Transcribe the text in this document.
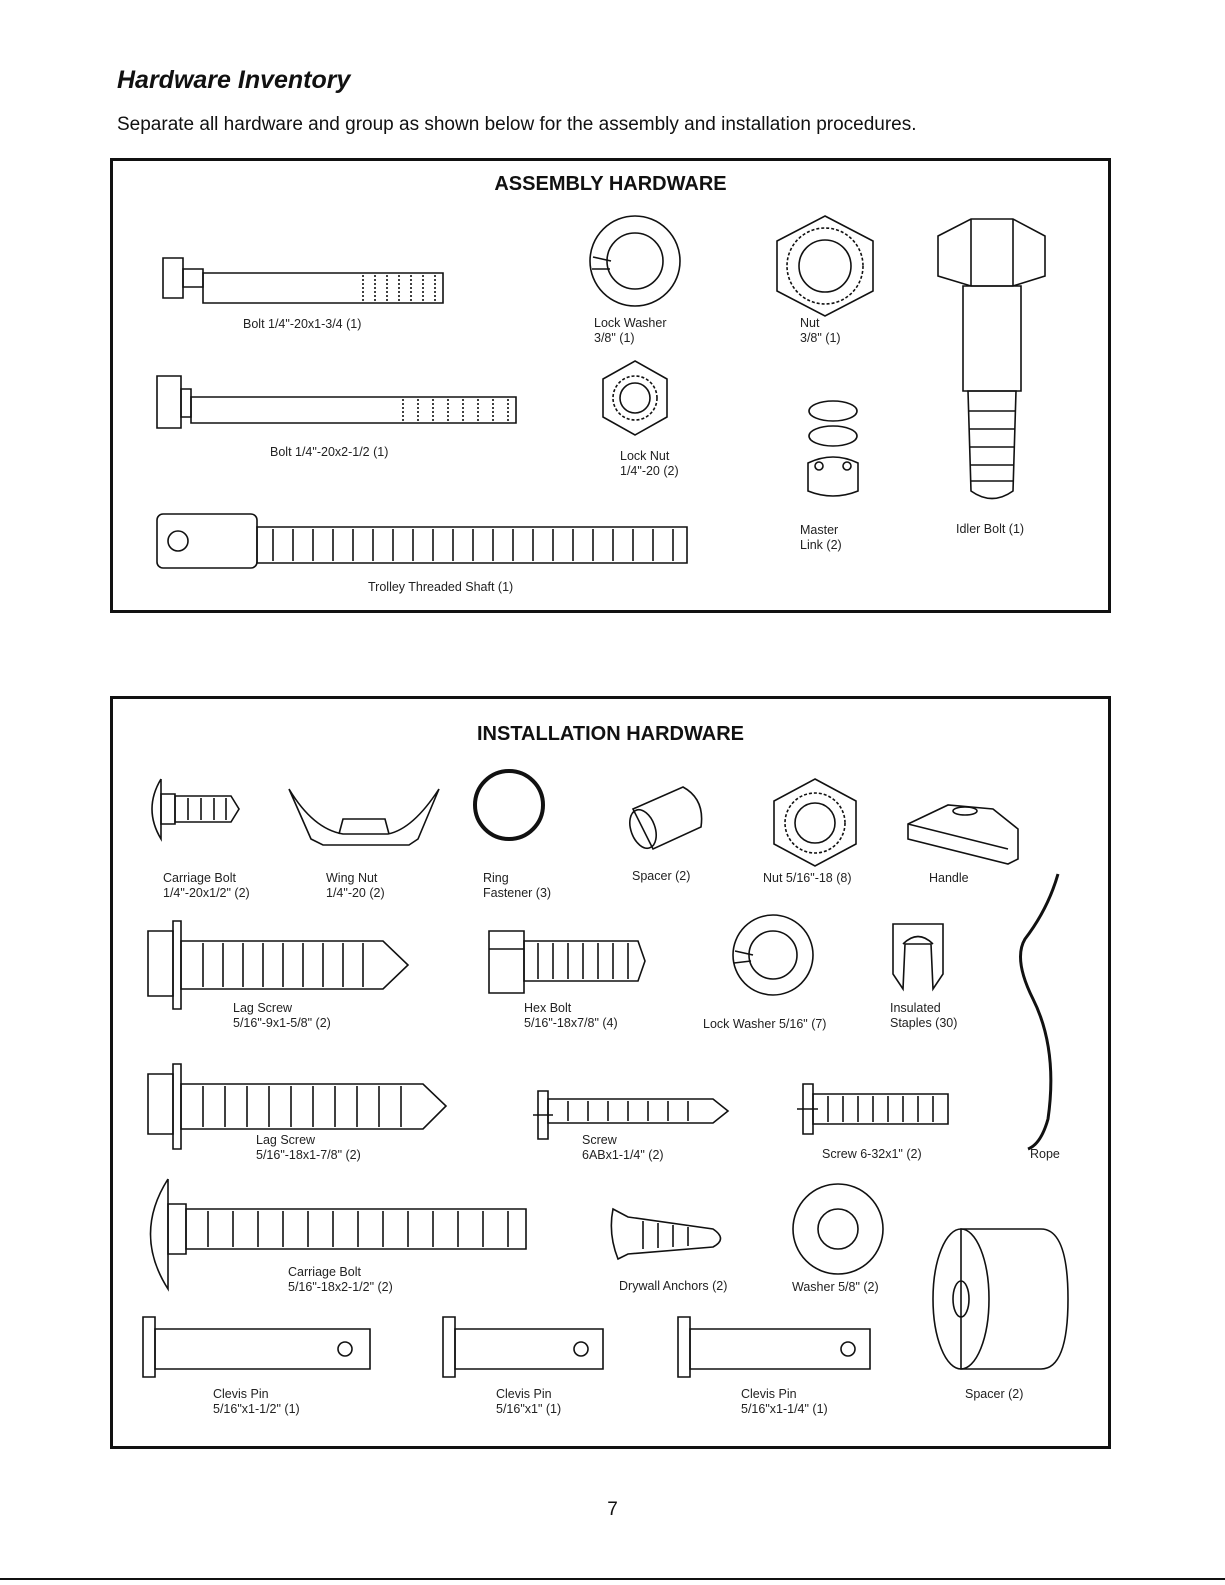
Hardware Inventory

Separate all hardware and group as shown below for the assembly and installation procedures.

ASSEMBLY HARDWARE
Bolt 1/4"-20x1-3/4 (1)
Bolt 1/4"-20x2-1/2 (1)
Trolley Threaded Shaft (1)
Lock Washer
3/8" (1)
Lock Nut
1/4"-20 (2)
Nut
3/8" (1)
Master
Link (2)
Idler Bolt (1)
INSTALLATION HARDWARE
Carriage Bolt
1/4"-20x1/2" (2)
Wing Nut
1/4"-20 (2)
Ring
Fastener (3)
Spacer (2)	Nut 5/16"-18 (8)	Handle
Lag Screw
5/16"-9x1-5/8" (2)
Hex Bolt
5/16"-18x7/8" (4)	Lock Washer 5/16" (7)
Insulated
Staples (30)
Lag Screw
5/16"-18x1-7/8" (2)
Screw
6ABx1-1/4" (2)	Screw 6-32x1" (2)	Rope
Carriage Bolt
5/16"-18x2-1/2" (2)	Drywall Anchors (2)	Washer 5/8" (2)
Spacer (2)
Clevis Pin
5/16"x1-1/2" (1)
Clevis Pin
5/16"x1" (1)
Clevis Pin
5/16"x1-1/4" (1)
7
